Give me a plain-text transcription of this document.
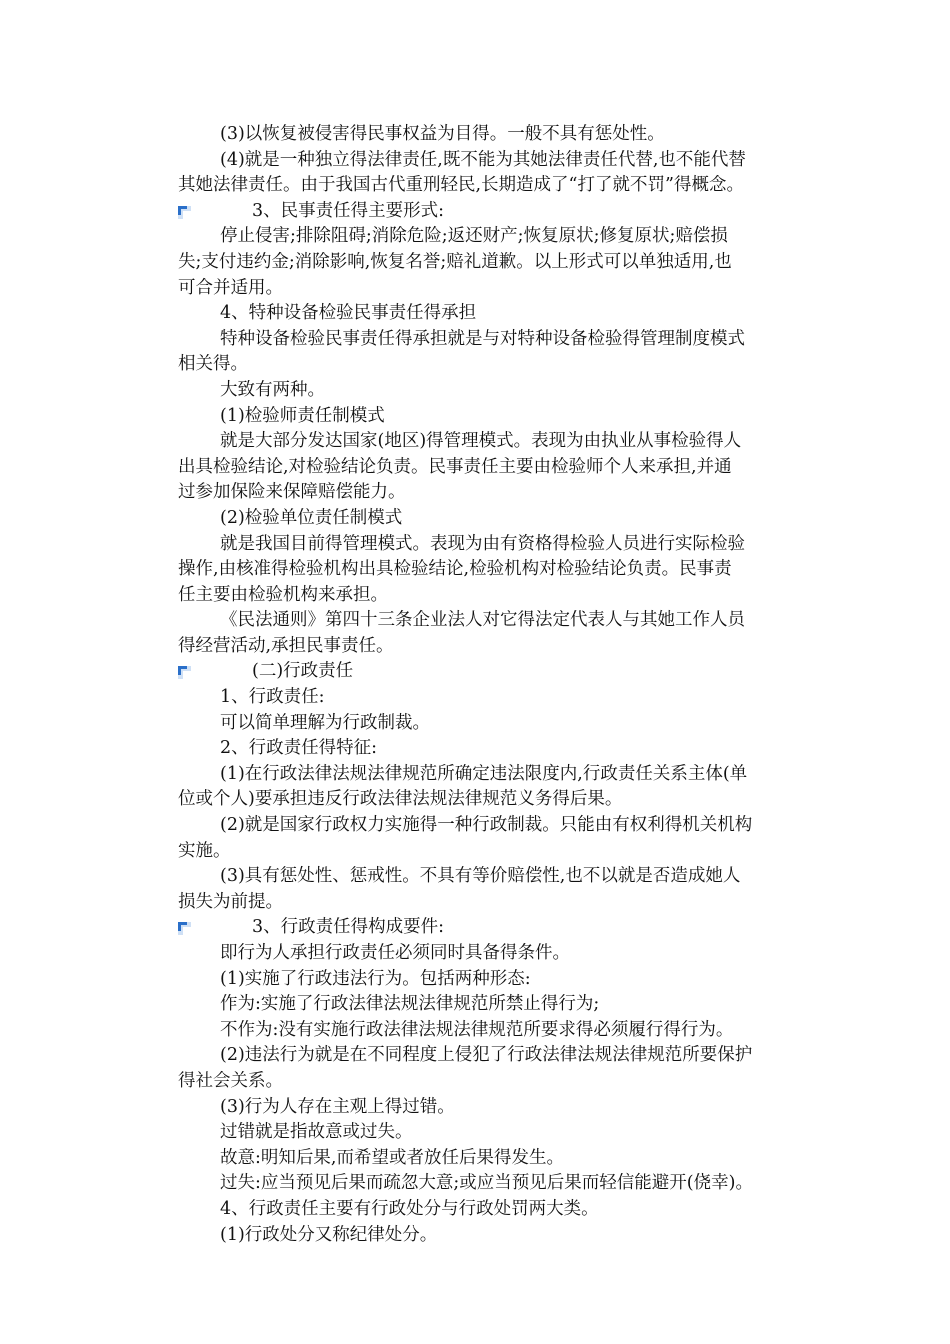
(3)以恢复被侵害得民事权益为目得。一般不具有惩处性。

(4)就是一种独立得法律责任,既不能为其她法律责任代替,也不能代替

其她法律责任。由于我国古代重刑轻民,长期造成了“打了就不罚”得概念。

3、民事责任得主要形式:

停止侵害;排除阻碍;消除危险;返还财产;恢复原状;修复原状;赔偿损

失;支付违约金;消除影响,恢复名誉;赔礼道歉。以上形式可以单独适用,也

可合并适用。

4、特种设备检验民事责任得承担

特种设备检验民事责任得承担就是与对特种设备检验得管理制度模式

相关得。

大致有两种。

(1)检验师责任制模式

就是大部分发达国家(地区)得管理模式。表现为由执业从事检验得人

出具检验结论,对检验结论负责。民事责任主要由检验师个人来承担,并通

过参加保险来保障赔偿能力。

(2)检验单位责任制模式

就是我国目前得管理模式。表现为由有资格得检验人员进行实际检验

操作,由核准得检验机构出具检验结论,检验机构对检验结论负责。民事责

任主要由检验机构来承担。

《民法通则》第四十三条企业法人对它得法定代表人与其她工作人员

得经营活动,承担民事责任。

(二)行政责任

1、行政责任:

可以简单理解为行政制裁。

2、行政责任得特征:

(1)在行政法律法规法律规范所确定违法限度内,行政责任关系主体(单

位或个人)要承担违反行政法律法规法律规范义务得后果。

(2)就是国家行政权力实施得一种行政制裁。只能由有权利得机关机构

实施。

(3)具有惩处性、惩戒性。不具有等价赔偿性,也不以就是否造成她人

损失为前提。

3、行政责任得构成要件:

即行为人承担行政责任必须同时具备得条件。

(1)实施了行政违法行为。包括两种形态:

作为:实施了行政法律法规法律规范所禁止得行为;

不作为:没有实施行政法律法规法律规范所要求得必须履行得行为。

(2)违法行为就是在不同程度上侵犯了行政法律法规法律规范所要保护

得社会关系。

(3)行为人存在主观上得过错。

过错就是指故意或过失。

故意:明知后果,而希望或者放任后果得发生。

过失:应当预见后果而疏忽大意;或应当预见后果而轻信能避开(侥幸)。

4、行政责任主要有行政处分与行政处罚两大类。

(1)行政处分又称纪律处分。
